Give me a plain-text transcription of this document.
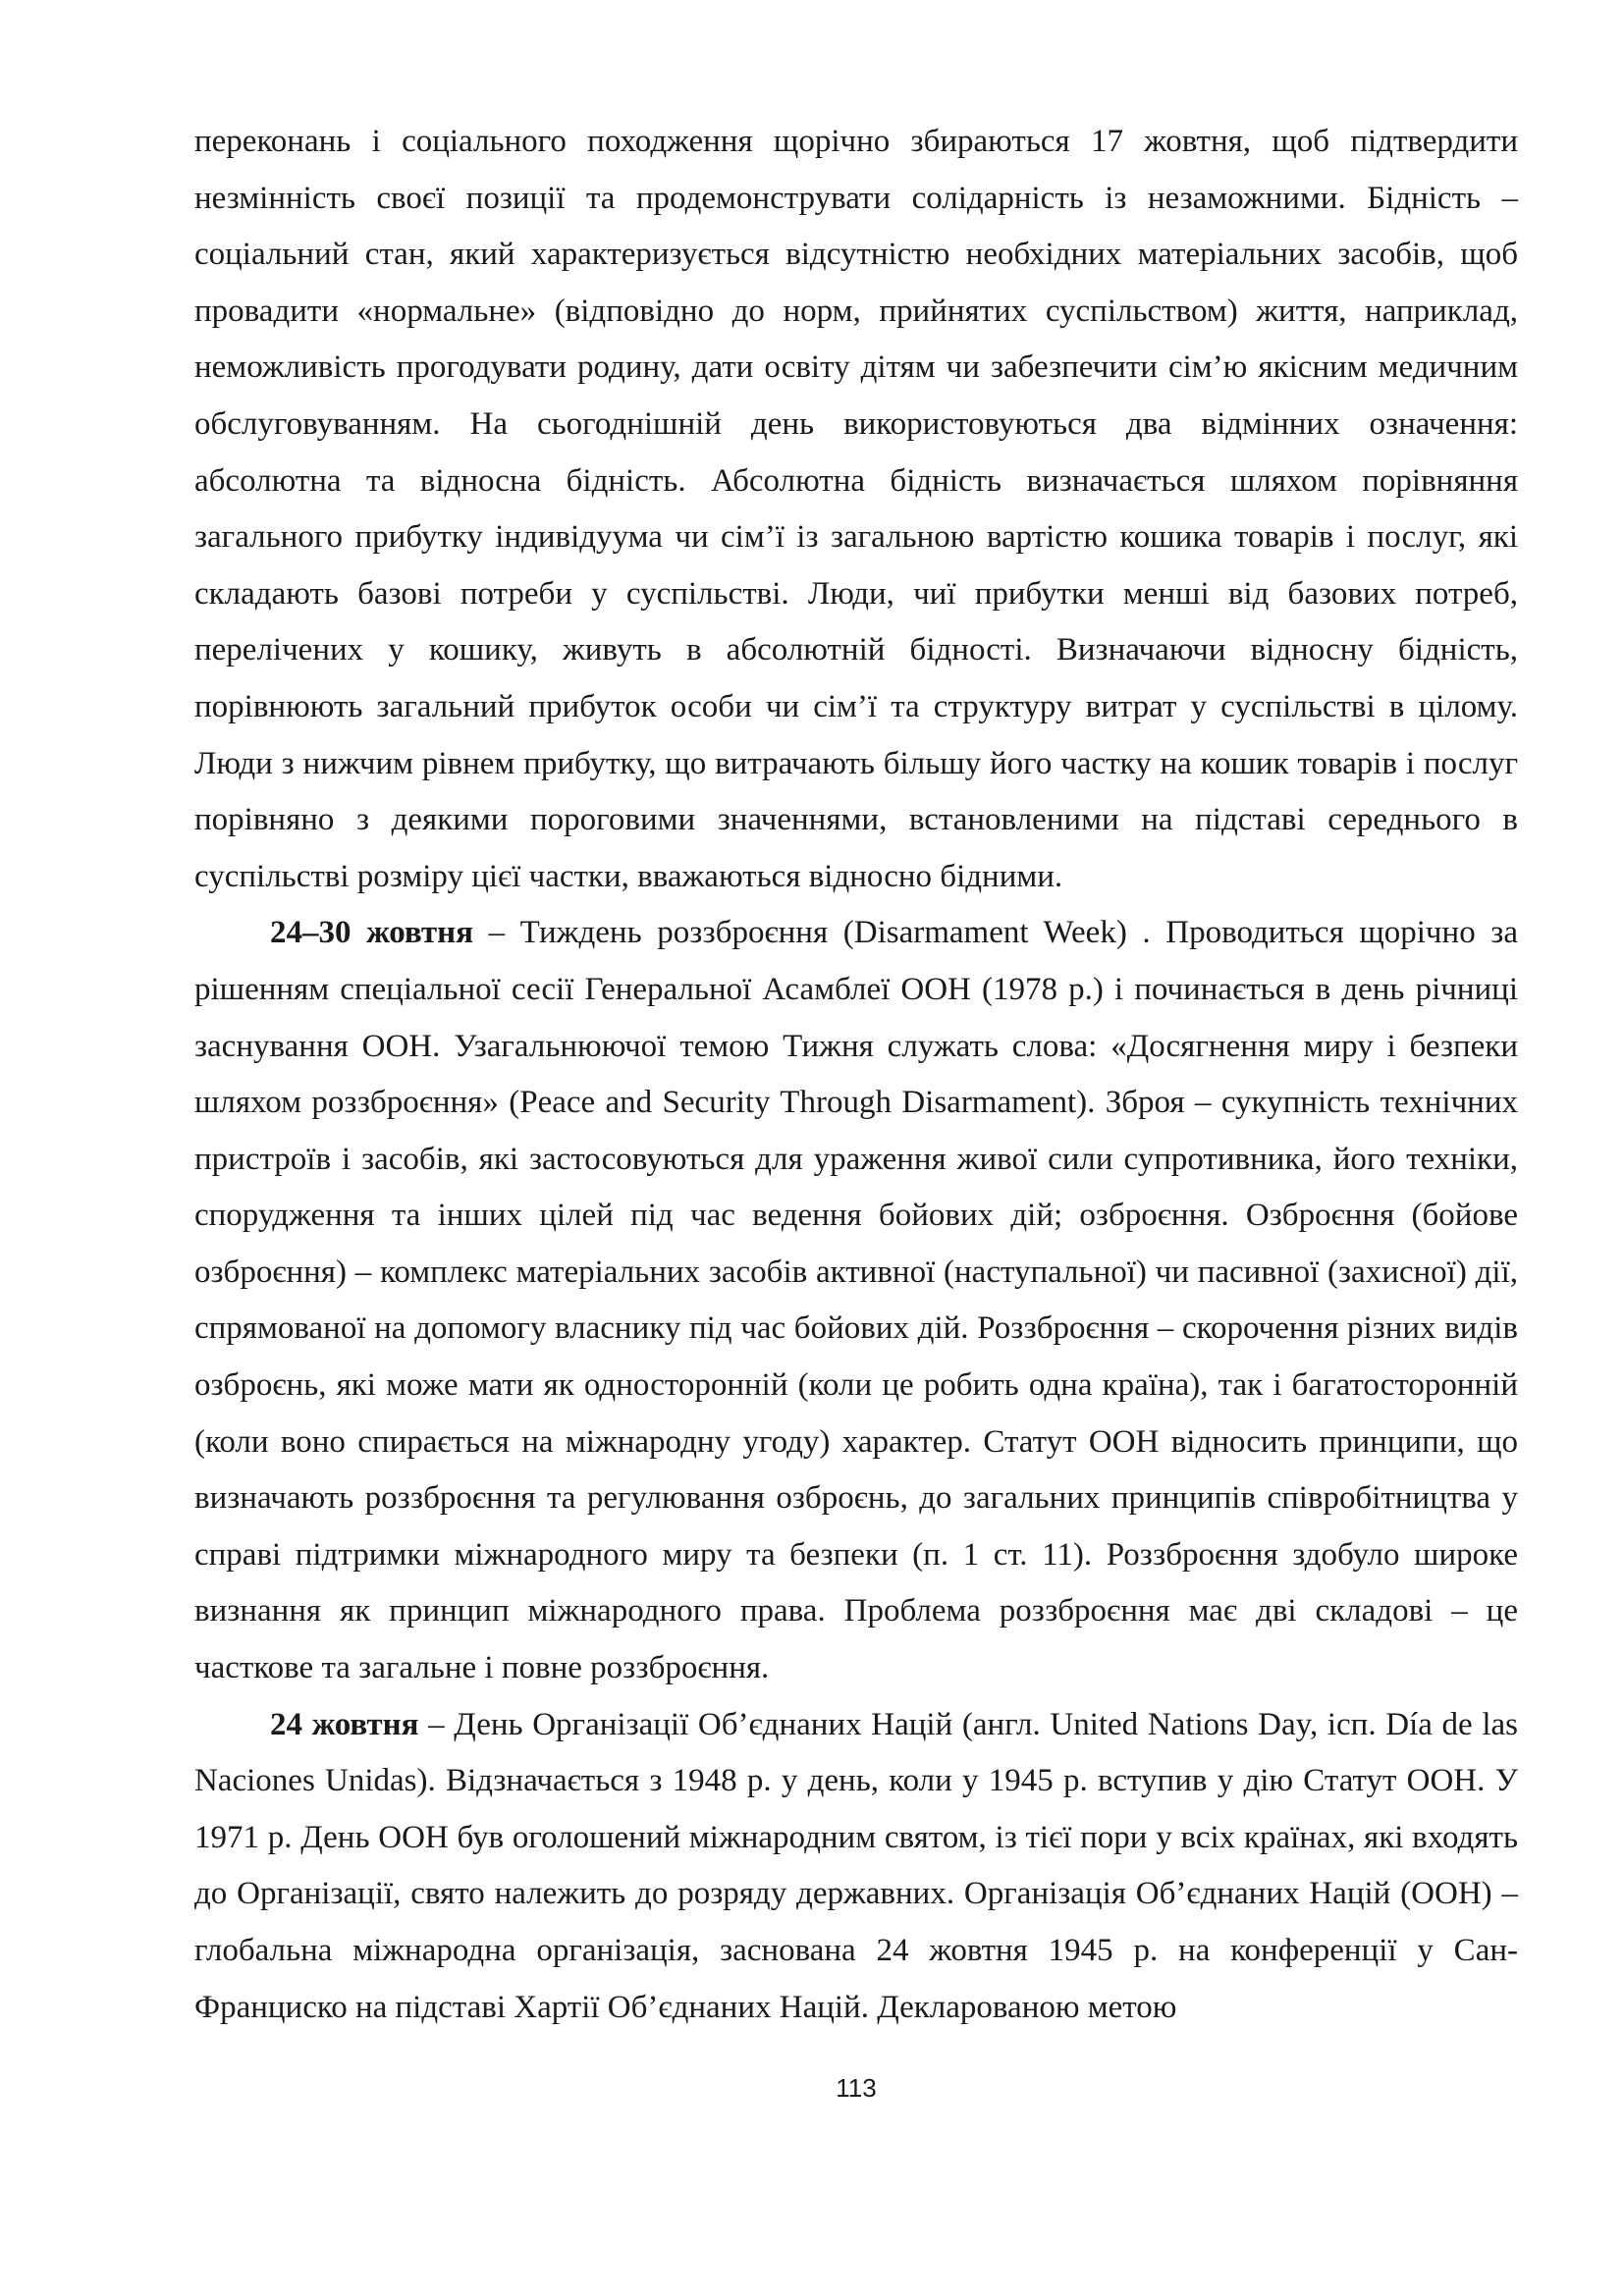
переконань і соціального походження щорічно збираються 17 жовтня, щоб підтвердити незмінність своєї позиції та продемонструвати солідарність із незаможними. Бідність – соціальний стан, який характеризується відсутністю необхідних матеріальних засобів, щоб провадити «нормальне» (відповідно до норм, прийнятих суспільством) життя, наприклад, неможливість прогодувати родину, дати освіту дітям чи забезпечити сім’ю якісним медичним обслуговуванням. На сьогоднішній день використовуються два відмінних означення: абсолютна та відносна бідність. Абсолютна бідність визначається шляхом порівняння загального прибутку індивідуума чи сім’ї із загальною вартістю кошика товарів і послуг, які складають базові потреби у суспільстві. Люди, чиї прибутки менші від базових потреб, перелічених у кошику, живуть в абсолютній бідності. Визначаючи відносну бідність, порівнюють загальний прибуток особи чи сім’ї та структуру витрат у суспільстві в цілому. Люди з нижчим рівнем прибутку, що витрачають більшу його частку на кошик товарів і послуг порівняно з деякими пороговими значеннями, встановленими на підставі середнього в суспільстві розміру цієї частки, вважаються відносно бідними.

24–30 жовтня – Тиждень роззброєння (Disarmament Week) . Проводиться щорічно за рішенням спеціальної сесії Генеральної Асамблеї ООН (1978 р.) і починається в день річниці заснування ООН. Узагальнюючої темою Тижня служать слова: «Досягнення миру і безпеки шляхом роззброєння» (Peace and Security Through Disarmament). Зброя – сукупність технічних пристроїв і засобів, які застосовуються для ураження живої сили супротивника, його техніки, спорудження та інших цілей під час ведення бойових дій; озброєння. Озброєння (бойове озброєння) – комплекс матеріальних засобів активної (наступальної) чи пасивної (захисної) дії, спрямованої на допомогу власнику під час бойових дій. Роззброєння – скорочення різних видів озброєнь, які може мати як односторонній (коли це робить одна країна), так і багатосторонній (коли воно спирається на міжнародну угоду) характер. Статут ООН відносить принципи, що визначають роззброєння та регулювання озброєнь, до загальних принципів співробітництва у справі підтримки міжнародного миру та безпеки (п. 1 ст. 11). Роззброєння здобуло широке визнання як принцип міжнародного права. Проблема роззброєння має дві складові – це часткове та загальне і повне роззброєння.

24 жовтня – День Організації Об’єднаних Націй (англ. United Nations Day, ісп. Día de las Naciones Unidas). Відзначається з 1948 р. у день, коли у 1945 р. вступив у дію Статут ООН. У 1971 р. День ООН був оголошений міжнародним святом, із тієї пори у всіх країнах, які входять до Організації, свято належить до розряду державних. Організація Об’єднаних Націй (ООН) – глобальна міжнародна організація, заснована 24 жовтня 1945 р. на конференції у Сан-Франциско на підставі Хартії Об’єднаних Націй. Декларованою метою

113
